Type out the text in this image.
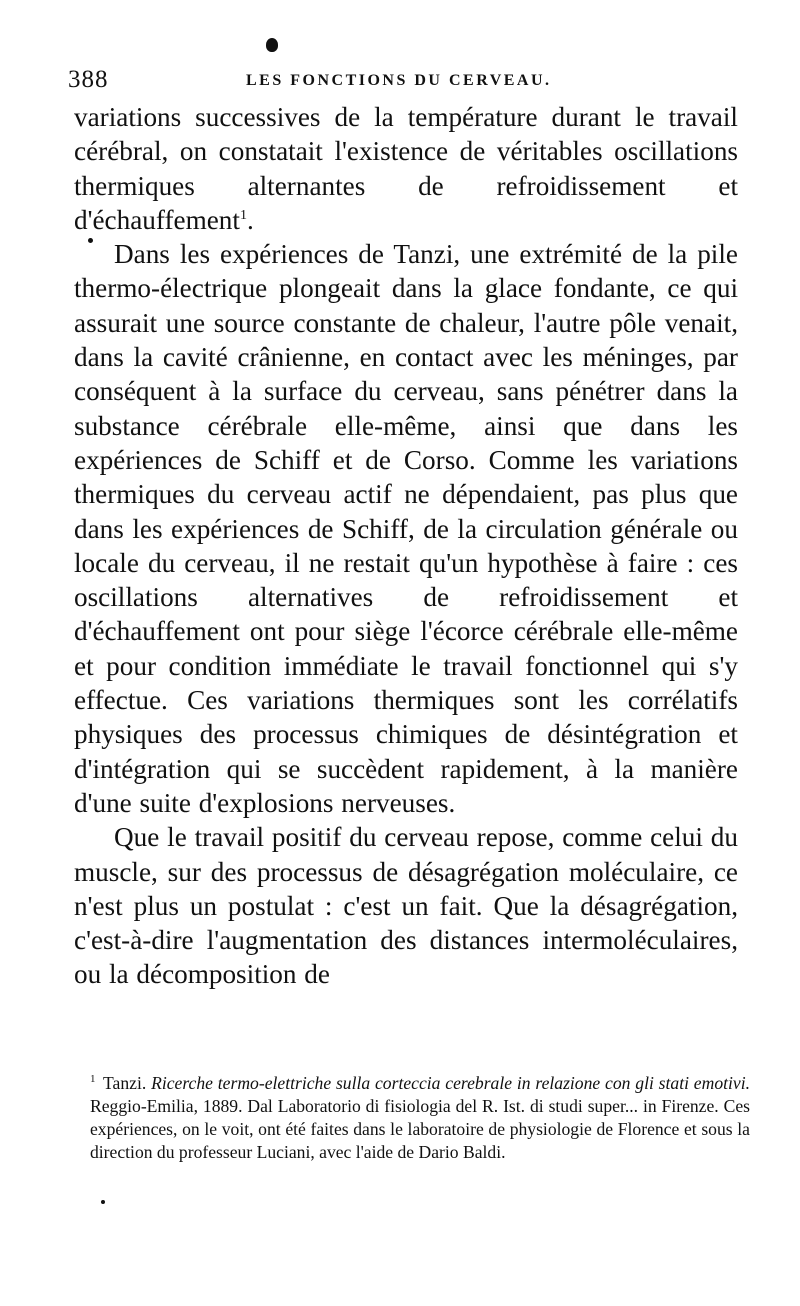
388	LES FONCTIONS DU CERVEAU.

variations successives de la température durant le travail cérébral, on constatait l'existence de véritables oscillations thermiques alternantes de refroidissement et d'échauffement$^1$.

Dans les expériences de Tanzi, une extrémité de la pile thermo-électrique plongeait dans la glace fondante, ce qui assurait une source constante de chaleur, l'autre pôle venait, dans la cavité crânienne, en contact avec les méninges, par conséquent à la surface du cerveau, sans pénétrer dans la substance cérébrale elle-même, ainsi que dans les expériences de Schiff et de Corso. Comme les variations thermiques du cerveau actif ne dépendaient, pas plus que dans les expériences de Schiff, de la circulation générale ou locale du cerveau, il ne restait qu'un hypothèse à faire : ces oscillations alternatives de refroidissement et d'échauffement ont pour siège l'écorce cérébrale elle-même et pour condition immédiate le travail fonctionnel qui s'y effectue. Ces variations thermiques sont les corrélatifs physiques des processus chimiques de désintégration et d'intégration qui se succèdent rapidement, à la manière d'une suite d'explosions nerveuses.

Que le travail positif du cerveau repose, comme celui du muscle, sur des processus de désagrégation moléculaire, ce n'est plus un postulat : c'est un fait. Que la désagrégation, c'est-à-dire l'augmentation des distances intermoléculaires, ou la décomposition de

$^1$ Tanzi. Ricerche termo-elettriche sulla corteccia cerebrale in relazione con gli stati emotivi. Reggio-Emilia, 1889. Dal Laboratorio di fisiologia del R. Ist. di studi super... in Firenze. Ces expériences, on le voit, ont été faites dans le laboratoire de physiologie de Florence et sous la direction du professeur Luciani, avec l'aide de Dario Baldi.
